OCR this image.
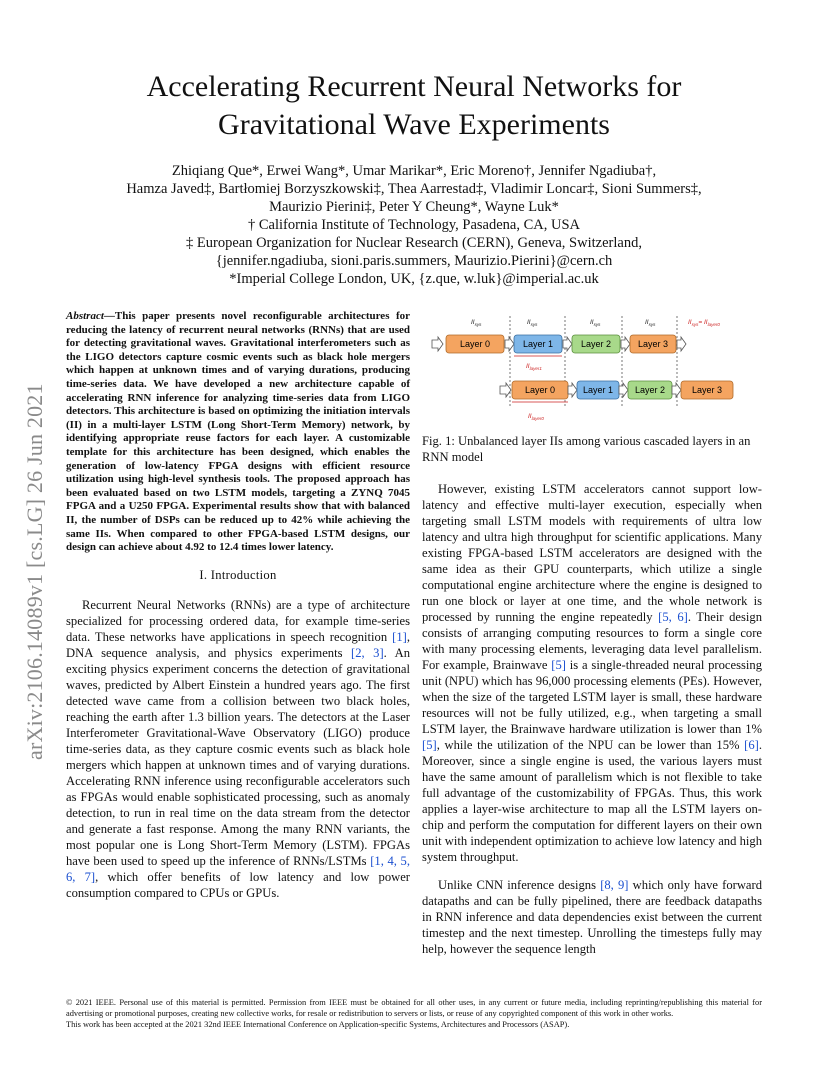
Accelerating Recurrent Neural Networks for
Gravitational Wave Experiments
Zhiqiang Que*, Erwei Wang*, Umar Marikar*, Eric Moreno†, Jennifer Ngadiuba†,
Hamza Javed‡, Bartłomiej Borzyszkowski‡, Thea Aarrestad‡, Vladimir Loncar‡, Sioni Summers‡,
Maurizio Pierini‡, Peter Y Cheung*, Wayne Luk*
† California Institute of Technology, Pasadena, CA, USA
‡ European Organization for Nuclear Research (CERN), Geneva, Switzerland,
{jennifer.ngadiuba, sioni.paris.summers, Maurizio.Pierini}@cern.ch
*Imperial College London, UK, {z.que, w.luk}@imperial.ac.uk
arXiv:2106.14089v1 [cs.LG] 26 Jun 2021
Abstract—This paper presents novel reconfigurable architectures for reducing the latency of recurrent neural networks (RNNs) that are used for detecting gravitational waves. Gravitational interferometers such as the LIGO detectors capture cosmic events such as black hole mergers which happen at unknown times and of varying durations, producing time-series data. We have developed a new architecture capable of accelerating RNN inference for analyzing time-series data from LIGO detectors. This architecture is based on optimizing the initiation intervals (II) in a multi-layer LSTM (Long Short-Term Memory) network, by identifying appropriate reuse factors for each layer. A customizable template for this architecture has been designed, which enables the generation of low-latency FPGA designs with efficient resource utilization using high-level synthesis tools. The proposed approach has been evaluated based on two LSTM models, targeting a ZYNQ 7045 FPGA and a U250 FPGA. Experimental results show that with balanced II, the number of DSPs can be reduced up to 42% while achieving the same IIs. When compared to other FPGA-based LSTM designs, our design can achieve about 4.92 to 12.4 times lower latency.
I. Introduction

Recurrent Neural Networks (RNNs) are a type of architecture specialized for processing ordered data, for example time-series data. These networks have applications in speech recognition [1], DNA sequence analysis, and physics experiments [2, 3]. An exciting physics experiment concerns the detection of gravitational waves, predicted by Albert Einstein a hundred years ago. The first detected wave came from a collision between two black holes, reaching the earth after 1.3 billion years. The detectors at the Laser Interferometer Gravitational-Wave Observatory (LIGO) produce time-series data, as they capture cosmic events such as black hole mergers which happen at unknown times and of varying durations. Accelerating RNN inference using reconfigurable accelerators such as FPGAs would enable sophisticated processing, such as anomaly detection, to run in real time on the data stream from the detector and generate a fast response. Among the many RNN variants, the most popular one is Long Short-Term Memory (LSTM). FPGAs have been used to speed up the inference of RNNs/LSTMs [1, 4, 5, 6, 7], which offer benefits of low latency and low power consumption compared to CPUs or GPUs.

$II_{sys}$	$II_{sys}$	$II_{sys}$	$II_{sys}$	$II_{sys}= II_{layer0}$
Layer 0	Layer 1	Layer 2	Layer 3
$II_{layer1}$
Layer 0	Layer 1 Layer 2	Layer 3
$II_{layer0}$
Fig. 1: Unbalanced layer IIs among various cascaded layers in an RNN model

However, existing LSTM accelerators cannot support low-latency and effective multi-layer execution, especially when targeting small LSTM models with requirements of ultra low latency and ultra high throughput for scientific applications. Many existing FPGA-based LSTM accelerators are designed with the same idea as their GPU counterparts, which utilize a single computational engine architecture where the engine is designed to run one block or layer at one time, and the whole network is processed by running the engine repeatedly [5, 6]. Their design consists of arranging computing resources to form a single core with many processing elements, leveraging data level parallelism. For example, Brainwave [5] is a single-threaded neural processing unit (NPU) which has 96,000 processing elements (PEs). However, when the size of the targeted LSTM layer is small, these hardware resources will not be fully utilized, e.g., when targeting a small LSTM layer, the Brainwave hardware utilization is lower than 1% [5], while the utilization of the NPU can be lower than 15% [6]. Moreover, since a single engine is used, the various layers must have the same amount of parallelism which is not flexible to take full advantage of the customizability of FPGAs. Thus, this work applies a layer-wise architecture to map all the LSTM layers on-chip and perform the computation for different layers on their own unit with independent optimization to achieve low latency and high system throughput.

Unlike CNN inference designs [8, 9] which only have forward datapaths and can be fully pipelined, there are feedback datapaths in RNN inference and data dependencies exist between the current timestep and the next timestep. Unrolling the timesteps fully may help, however the sequence length

© 2021 IEEE. Personal use of this material is permitted. Permission from IEEE must be obtained for all other uses, in any current or future media, including reprinting/republishing this material for advertising or promotional purposes, creating new collective works, for resale or redistribution to servers or lists, or reuse of any copyrighted component of this work in other works.
This work has been accepted at the 2021 32nd IEEE International Conference on Application-specific Systems, Architectures and Processors (ASAP).
